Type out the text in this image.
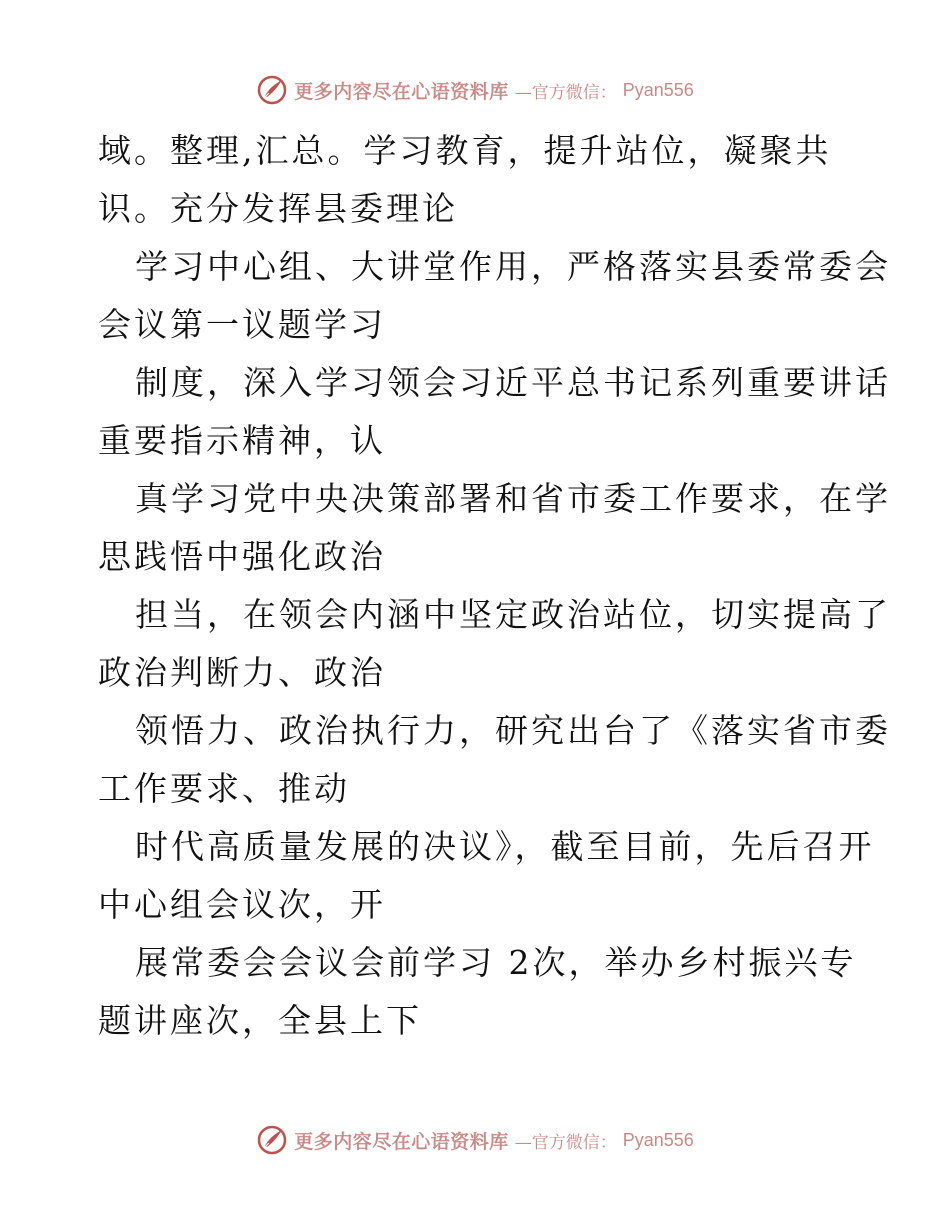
更多内容尽在心语资料库 —官方微信： Pyan556
域。整理,汇总。学习教育，提升站位，凝聚共
识。充分发挥县委理论
学习中心组、大讲堂作用，严格落实县委常委会
会议第一议题学习
制度，深入学习领会习近平总书记系列重要讲话
重要指示精神，认
真学习党中央决策部署和省市委工作要求，在学
思践悟中强化政治
担当，在领会内涵中坚定政治站位，切实提高了
政治判断力、政治
领悟力、政治执行力，研究出台了《落实省市委
工作要求、推动
时代高质量发展的决议》，截至目前，先后召开
中心组会议次，开
展常委会会议会前学习 2次，举办乡村振兴专
题讲座次，全县上下
更多内容尽在心语资料库 —官方微信： Pyan556
